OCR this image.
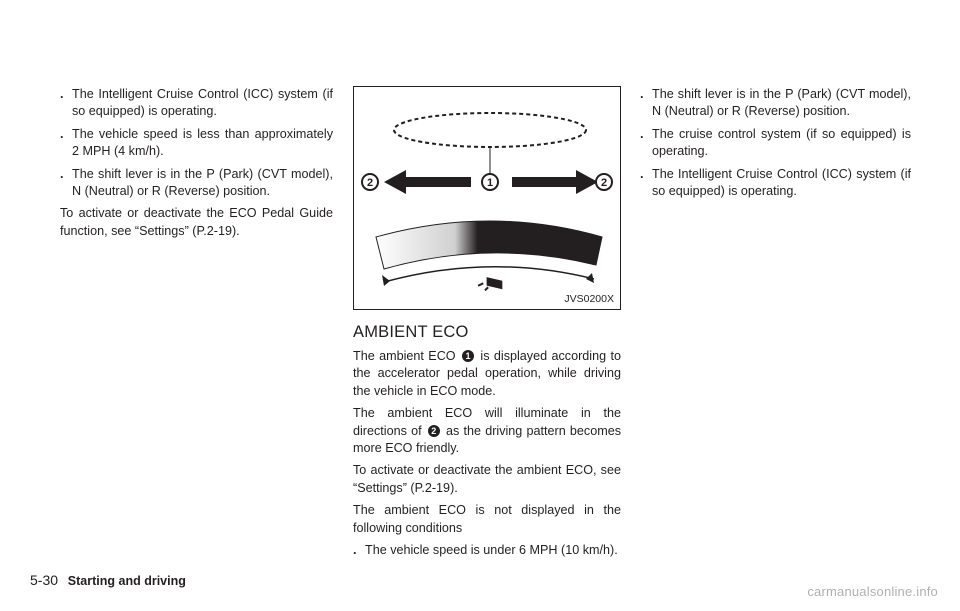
. The Intelligent Cruise Control (ICC) system (if so equipped) is operating.
. The vehicle speed is less than approximately 2 MPH (4 km/h).
. The shift lever is in the P (Park) (CVT model), N (Neutral) or R (Reverse) position.

To activate or deactivate the ECO Pedal Guide function, see “Settings” (P.2-19).

2	1	2
JVS0200X
AMBIENT ECO

The ambient ECO 1 is displayed according to the accelerator pedal operation, while driving the vehicle in ECO mode.

The ambient ECO will illuminate in the directions of 2 as the driving pattern becomes more ECO friendly.

To activate or deactivate the ambient ECO, see “Settings” (P.2-19).

The ambient ECO is not displayed in the following conditions

. The vehicle speed is under 6 MPH (10 km/h).
. The shift lever is in the P (Park) (CVT model), N (Neutral) or R (Reverse) position.
. The cruise control system (if so equipped) is operating.
. The Intelligent Cruise Control (ICC) system (if so equipped) is operating.
5-30 Starting and driving
carmanualsonline.info
